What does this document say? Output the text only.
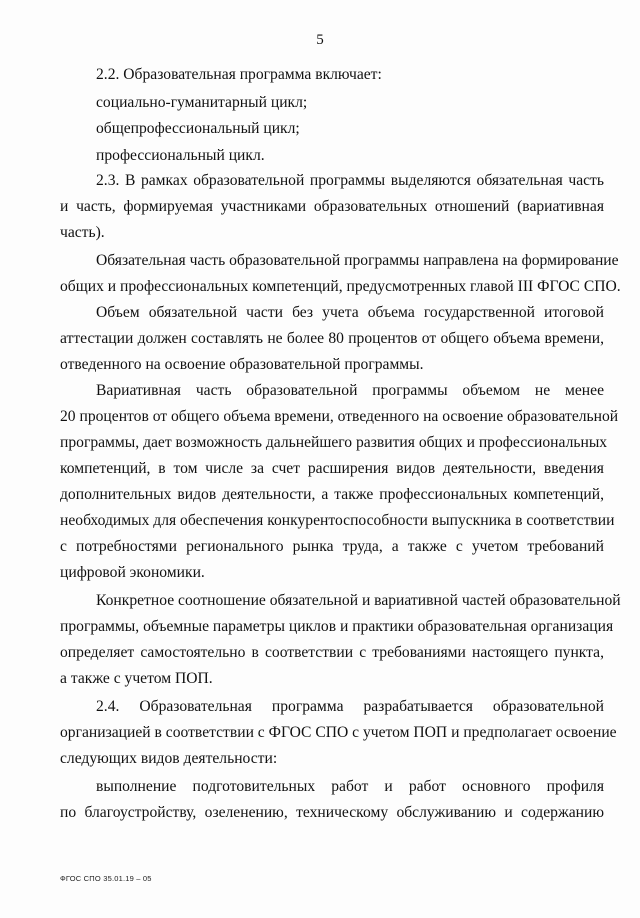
5
2.2. Образовательная программа включает:
социально-гуманитарный цикл;
общепрофессиональный цикл;
профессиональный цикл.
2.3. В рамках образовательной программы выделяются обязательная часть
и часть, формируемая участниками образовательных отношений (вариативная
часть).
Обязательная часть образовательной программы направлена на формирование
общих и профессиональных компетенций, предусмотренных главой III ФГОС СПО.
Объем обязательной части без учета объема государственной итоговой
аттестации должен составлять не более 80 процентов от общего объема времени,
отведенного на освоение образовательной программы.
Вариативная часть образовательной программы объемом не менее
20 процентов от общего объема времени, отведенного на освоение образовательной
программы, дает возможность дальнейшего развития общих и профессиональных
компетенций, в том числе за счет расширения видов деятельности, введения
дополнительных видов деятельности, а также профессиональных компетенций,
необходимых для обеспечения конкурентоспособности выпускника в соответствии
с потребностями регионального рынка труда, а также с учетом требований
цифровой экономики.
Конкретное соотношение обязательной и вариативной частей образовательной
программы, объемные параметры циклов и практики образовательная организация
определяет самостоятельно в соответствии с требованиями настоящего пункта,
а также с учетом ПОП.
2.4. Образовательная программа разрабатывается образовательной
организацией в соответствии с ФГОС СПО с учетом ПОП и предполагает освоение
следующих видов деятельности:
выполнение подготовительных работ и работ основного профиля
по благоустройству, озеленению, техническому обслуживанию и содержанию
ФГОС СПО 35.01.19 – 05
